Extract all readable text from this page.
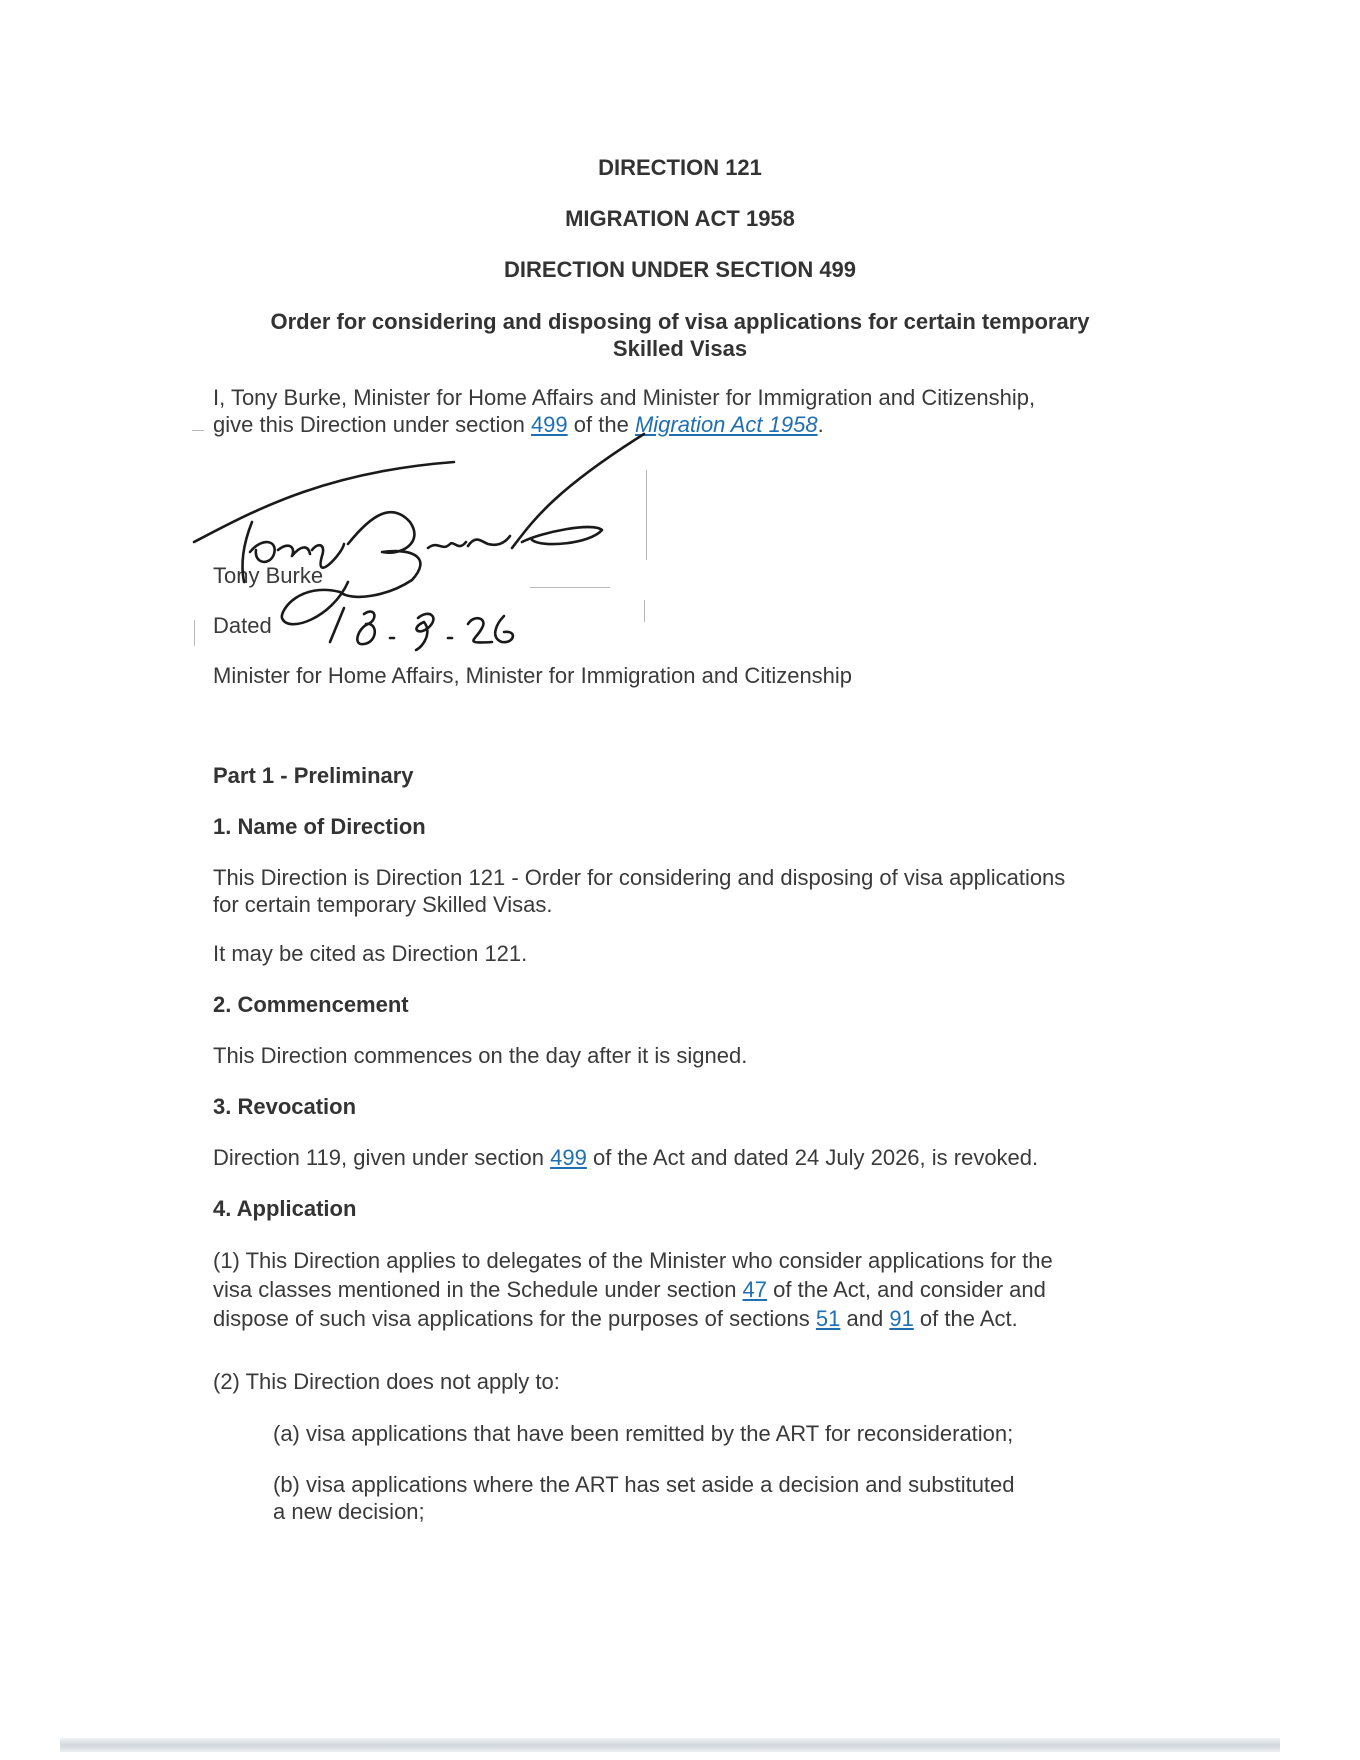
DIRECTION 121
MIGRATION ACT 1958
DIRECTION UNDER SECTION 499
Order for considering and disposing of visa applications for certain temporary
Skilled Visas
I, Tony Burke, Minister for Home Affairs and Minister for Immigration and Citizenship,
give this Direction under section 499 of the Migration Act 1958.
Tony Burke
Dated
Minister for Home Affairs, Minister for Immigration and Citizenship
Part 1 - Preliminary
1. Name of Direction
This Direction is Direction 121 - Order for considering and disposing of visa applications
for certain temporary Skilled Visas.
It may be cited as Direction 121.
2. Commencement
This Direction commences on the day after it is signed.
3. Revocation
Direction 119, given under section 499 of the Act and dated 24 July 2026, is revoked.
4. Application
(1) This Direction applies to delegates of the Minister who consider applications for the
visa classes mentioned in the Schedule under section 47 of the Act, and consider and
dispose of such visa applications for the purposes of sections 51 and 91 of the Act.
(2) This Direction does not apply to:
(a) visa applications that have been remitted by the ART for reconsideration;
(b) visa applications where the ART has set aside a decision and substituted
a new decision;
